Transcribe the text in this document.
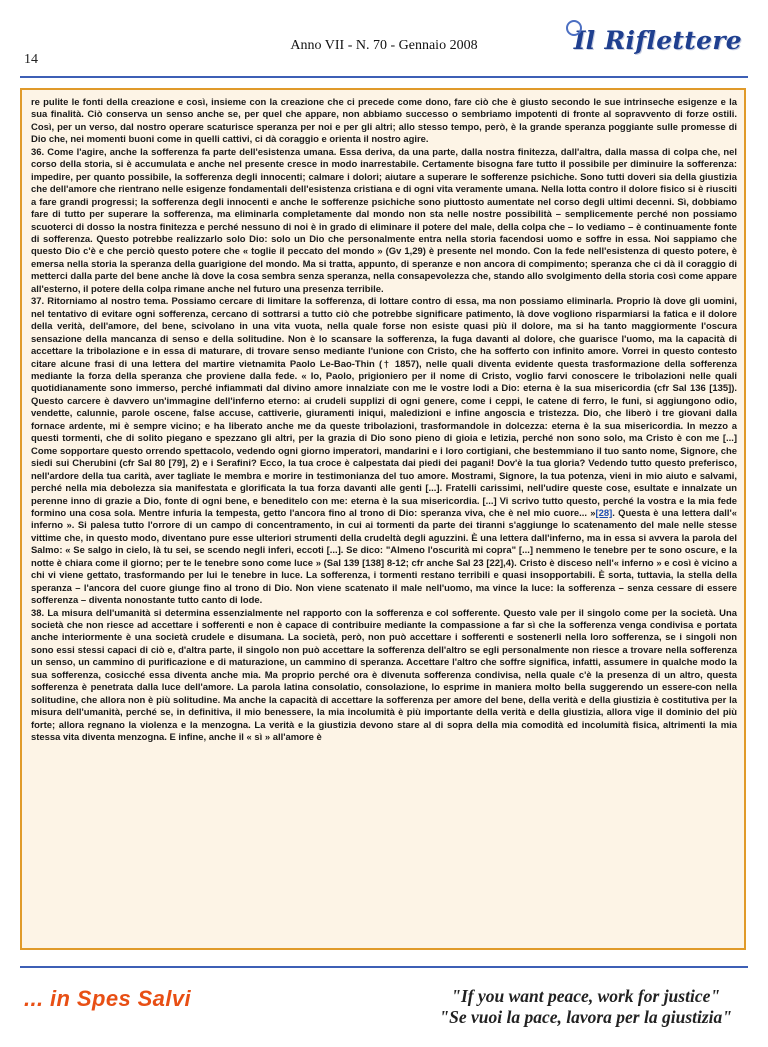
14
Anno VII - N. 70 - Gennaio 2008	Il Riflettere

re pulite le fonti della creazione e così, insieme con la creazione che ci precede come dono, fare ciò che è giusto secondo le sue intrinseche esigenze e la sua finalità. Ciò conserva un senso anche se, per quel che appare, non abbiamo successo o sembriamo impotenti di fronte al sopravvento di forze ostili. Così, per un verso, dal nostro operare scaturisce speranza per noi e per gli altri; allo stesso tempo, però, è la grande speranza poggiante sulle promesse di Dio che, nei momenti buoni come in quelli cattivi, ci dà coraggio e orienta il nostro agire.

36. Come l'agire, anche la sofferenza fa parte dell'esistenza umana. Essa deriva, da una parte, dalla nostra finitezza, dall'altra, dalla massa di colpa che, nel corso della storia, si è accumulata e anche nel presente cresce in modo inarrestabile. Certamente bisogna fare tutto il possibile per diminuire la sofferenza: impedire, per quanto possibile, la sofferenza degli innocenti; calmare i dolori; aiutare a superare le sofferenze psichiche. Sono tutti doveri sia della giustizia che dell'amore che rientrano nelle esigenze fondamentali dell'esistenza cristiana e di ogni vita veramente umana. Nella lotta contro il dolore fisico si è riusciti a fare grandi progressi; la sofferenza degli innocenti e anche le sofferenze psichiche sono piuttosto aumentate nel corso degli ultimi decenni. Sì, dobbiamo fare di tutto per superare la sofferenza, ma eliminarla completamente dal mondo non sta nelle nostre possibilità – semplicemente perché non possiamo scuoterci di dosso la nostra finitezza e perché nessuno di noi è in grado di eliminare il potere del male, della colpa che – lo vediamo – è continuamente fonte di sofferenza. Questo potrebbe realizzarlo solo Dio: solo un Dio che personalmente entra nella storia facendosi uomo e soffre in essa. Noi sappiamo che questo Dio c'è e che perciò questo potere che « toglie il peccato del mondo » (Gv 1,29) è presente nel mondo. Con la fede nell'esistenza di questo potere, è emersa nella storia la speranza della guarigione del mondo. Ma si tratta, appunto, di speranze e non ancora di compimento; speranza che ci dà il coraggio di metterci dalla parte del bene anche là dove la cosa sembra senza speranza, nella consapevolezza che, stando allo svolgimento della storia così come appare all'esterno, il potere della colpa rimane anche nel futuro una presenza terribile.

37. Ritorniamo al nostro tema. Possiamo cercare di limitare la sofferenza, di lottare contro di essa, ma non possiamo eliminarla. Proprio là dove gli uomini, nel tentativo di evitare ogni sofferenza, cercano di sottrarsi a tutto ciò che potrebbe significare patimento, là dove vogliono risparmiarsi la fatica e il dolore della verità, dell'amore, del bene, scivolano in una vita vuota, nella quale forse non esiste quasi più il dolore, ma si ha tanto maggiormente l'oscura sensazione della mancanza di senso e della solitudine. Non è lo scansare la sofferenza, la fuga davanti al dolore, che guarisce l'uomo, ma la capacità di accettare la tribolazione e in essa di maturare, di trovare senso mediante l'unione con Cristo, che ha sofferto con infinito amore. Vorrei in questo contesto citare alcune frasi di una lettera del martire vietnamita Paolo Le-Bao-Thin († 1857), nelle quali diventa evidente questa trasformazione della sofferenza mediante la forza della speranza che proviene dalla fede. « Io, Paolo, prigioniero per il nome di Cristo, voglio farvi conoscere le tribolazioni nelle quali quotidianamente sono immerso, perché infiammati dal divino amore innalziate con me le vostre lodi a Dio: eterna è la sua misericordia (cfr Sal 136 [135]). Questo carcere è davvero un'immagine dell'inferno eterno: ai crudeli supplizi di ogni genere, come i ceppi, le catene di ferro, le funi, si aggiungono odio, vendette, calunnie, parole oscene, false accuse, cattiverie, giuramenti iniqui, maledizioni e infine angoscia e tristezza. Dio, che liberò i tre giovani dalla fornace ardente, mi è sempre vicino; e ha liberato anche me da queste tribolazioni, trasformandole in dolcezza: eterna è la sua misericordia. In mezzo a questi tormenti, che di solito piegano e spezzano gli altri, per la grazia di Dio sono pieno di gioia e letizia, perché non sono solo, ma Cristo è con me [...] Come sopportare questo orrendo spettacolo, vedendo ogni giorno imperatori, mandarini e i loro cortigiani, che bestemmiano il tuo santo nome, Signore, che siedi sui Cherubini (cfr Sal 80 [79], 2) e i Serafini? Ecco, la tua croce è calpestata dai piedi dei pagani! Dov'è la tua gloria? Vedendo tutto questo preferisco, nell'ardore della tua carità, aver tagliate le membra e morire in testimonianza del tuo amore. Mostrami, Signore, la tua potenza, vieni in mio aiuto e salvami, perché nella mia debolezza sia manifestata e glorificata la tua forza davanti alle genti [...]. Fratelli carissimi, nell'udire queste cose, esultate e innalzate un perenne inno di grazie a Dio, fonte di ogni bene, e beneditelo con me: eterna è la sua misericordia. [...] Vi scrivo tutto questo, perché la vostra e la mia fede formino una cosa sola. Mentre infuria la tempesta, getto l'ancora fino al trono di Dio: speranza viva, che è nel mio cuore... »[28]. Questa è una lettera dall'« inferno ». Si palesa tutto l'orrore di un campo di concentramento, in cui ai tormenti da parte dei tiranni s'aggiunge lo scatenamento del male nelle stesse vittime che, in questo modo, diventano pure esse ulteriori strumenti della crudeltà degli aguzzini. È una lettera dall'inferno, ma in essa si avvera la parola del Salmo: « Se salgo in cielo, là tu sei, se scendo negli inferi, eccoti [...]. Se dico: "Almeno l'oscurità mi copra" [...] nemmeno le tenebre per te sono oscure, e la notte è chiara come il giorno; per te le tenebre sono come luce » (Sal 139 [138] 8-12; cfr anche Sal 23 [22],4). Cristo è disceso nell'« inferno » e così è vicino a chi vi viene gettato, trasformando per lui le tenebre in luce. La sofferenza, i tormenti restano terribili e quasi insopportabili. È sorta, tuttavia, la stella della speranza – l'ancora del cuore giunge fino al trono di Dio. Non viene scatenato il male nell'uomo, ma vince la luce: la sofferenza – senza cessare di essere sofferenza – diventa nonostante tutto canto di lode.

38. La misura dell'umanità si determina essenzialmente nel rapporto con la sofferenza e col sofferente. Questo vale per il singolo come per la società. Una società che non riesce ad accettare i sofferenti e non è capace di contribuire mediante la compassione a far sì che la sofferenza venga condivisa e portata anche interiormente è una società crudele e disumana. La società, però, non può accettare i sofferenti e sostenerli nella loro sofferenza, se i singoli non sono essi stessi capaci di ciò e, d'altra parte, il singolo non può accettare la sofferenza dell'altro se egli personalmente non riesce a trovare nella sofferenza un senso, un cammino di purificazione e di maturazione, un cammino di speranza. Accettare l'altro che soffre significa, infatti, assumere in qualche modo la sua sofferenza, cosicché essa diventa anche mia. Ma proprio perché ora è divenuta sofferenza condivisa, nella quale c'è la presenza di un altro, questa sofferenza è penetrata dalla luce dell'amore. La parola latina consolatio, consolazione, lo esprime in maniera molto bella suggerendo un essere-con nella solitudine, che allora non è più solitudine. Ma anche la capacità di accettare la sofferenza per amore del bene, della verità e della giustizia è costitutiva per la misura dell'umanità, perché se, in definitiva, il mio benessere, la mia incolumità è più importante della verità e della giustizia, allora vige il dominio del più forte; allora regnano la violenza e la menzogna. La verità e la giustizia devono stare al di sopra della mia comodità ed incolumità fisica, altrimenti la mia stessa vita diventa menzogna. E infine, anche il « sì » all'amore è

... in Spes Salvi	"If you want peace, work for justice"
"Se vuoi la pace, lavora per la giustizia"
